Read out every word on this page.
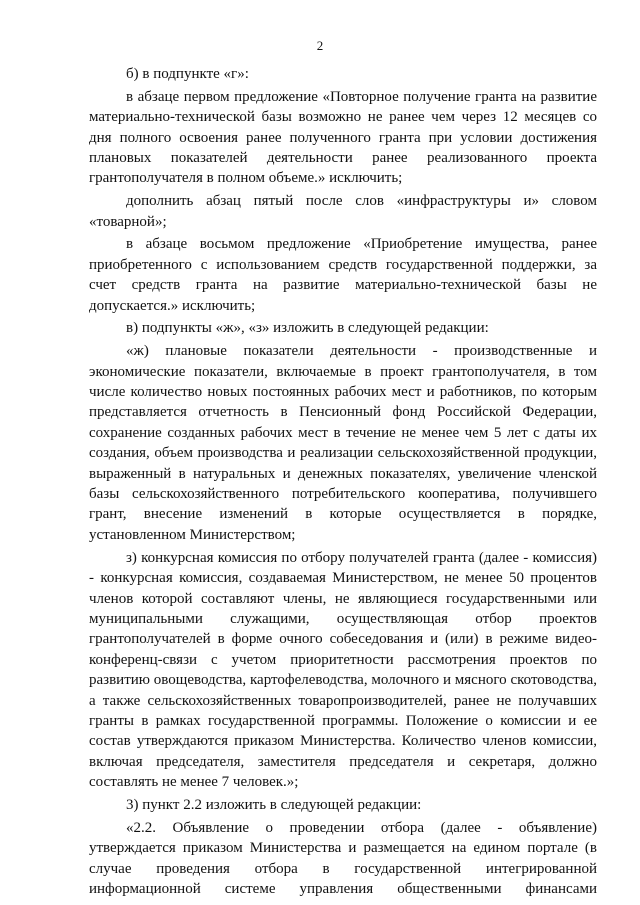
2

б) в подпункте «г»:

в абзаце первом предложение «Повторное получение гранта на развитие материально-технической базы возможно не ранее чем через 12 месяцев со дня полного освоения ранее полученного гранта при условии достижения плановых показателей деятельности ранее реализованного проекта грантополучателя в полном объеме.» исключить;

дополнить абзац пятый после слов «инфраструктуры и» словом «товарной»;

в абзаце восьмом предложение «Приобретение имущества, ранее приобретенного с использованием средств государственной поддержки, за счет средств гранта на развитие материально-технической базы не допускается.» исключить;

в) подпункты «ж», «з» изложить в следующей редакции:

«ж) плановые показатели деятельности - производственные и экономические показатели, включаемые в проект грантополучателя, в том числе количество новых постоянных рабочих мест и работников, по которым представляется отчетность в Пенсионный фонд Российской Федерации, сохранение созданных рабочих мест в течение не менее чем 5 лет с даты их создания, объем производства и реализации сельскохозяйственной продукции, выраженный в натуральных и денежных показателях, увеличение членской базы сельскохозяйственного потребительского кооператива, получившего грант, внесение изменений в которые осуществляется в порядке, установленном Министерством;

з) конкурсная комиссия по отбору получателей гранта (далее - комиссия) - конкурсная комиссия, создаваемая Министерством, не менее 50 процентов членов которой составляют члены, не являющиеся государственными или муниципальными служащими, осуществляющая отбор проектов грантополучателей в форме очного собеседования и (или) в режиме видео-конференц-связи с учетом приоритетности рассмотрения проектов по развитию овощеводства, картофелеводства, молочного и мясного скотоводства, а также сельскохозяйственных товаропроизводителей, ранее не получавших гранты в рамках государственной программы. Положение о комиссии и ее состав утверждаются приказом Министерства. Количество членов комиссии, включая председателя, заместителя председателя и секретаря, должно составлять не менее 7 человек.»;

3) пункт 2.2 изложить в следующей редакции:

«2.2. Объявление о проведении отбора (далее - объявление) утверждается приказом Министерства и размещается на едином портале (в случае проведения отбора в государственной интегрированной информационной системе управления общественными финансами
